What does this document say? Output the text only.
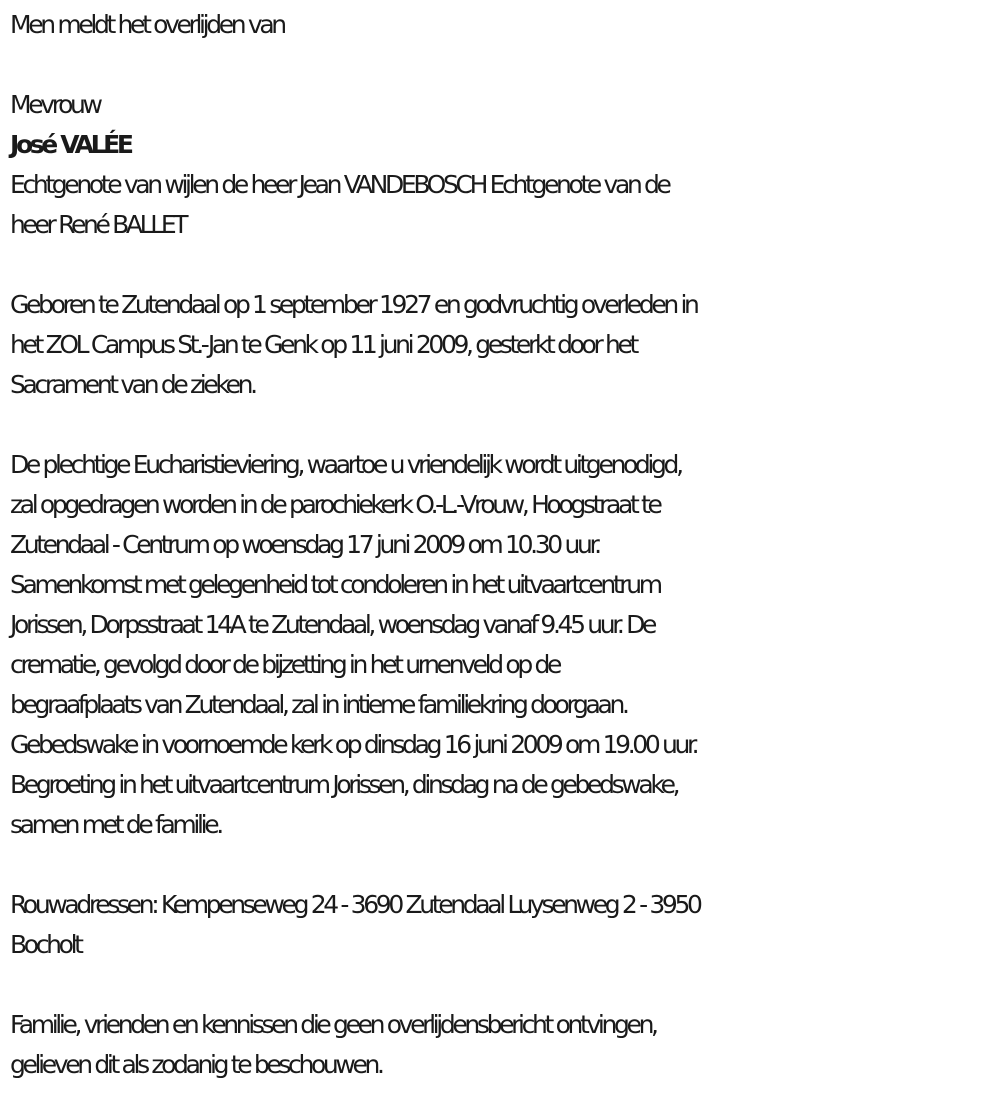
Men meldt het overlijden van

Mevrouw

José VALÉE

Echtgenote van wijlen de heer Jean VANDEBOSCH Echtgenote van de

heer René BALLET

Geboren te Zutendaal op 1 september 1927 en godvruchtig overleden in

het ZOL Campus St.-Jan te Genk op 11 juni 2009, gesterkt door het

Sacrament van de zieken.

De plechtige Eucharistieviering, waartoe u vriendelijk wordt uitgenodigd,

zal opgedragen worden in de parochiekerk O.-L.-Vrouw, Hoogstraat te

Zutendaal - Centrum op woensdag 17 juni 2009 om 10.30 uur.

Samenkomst met gelegenheid tot condoleren in het uitvaartcentrum

Jorissen, Dorpsstraat 14A te Zutendaal, woensdag vanaf 9.45 uur. De

crematie, gevolgd door de bijzetting in het urnenveld op de

begraafplaats van Zutendaal, zal in intieme familiekring doorgaan.

Gebedswake in voornoemde kerk op dinsdag 16 juni 2009 om 19.00 uur.

Begroeting in het uitvaartcentrum Jorissen, dinsdag na de gebedswake,

samen met de familie.

Rouwadressen: Kempenseweg 24 - 3690 Zutendaal Luysenweg 2 - 3950

Bocholt

Familie, vrienden en kennissen die geen overlijdensbericht ontvingen,

gelieven dit als zodanig te beschouwen.
